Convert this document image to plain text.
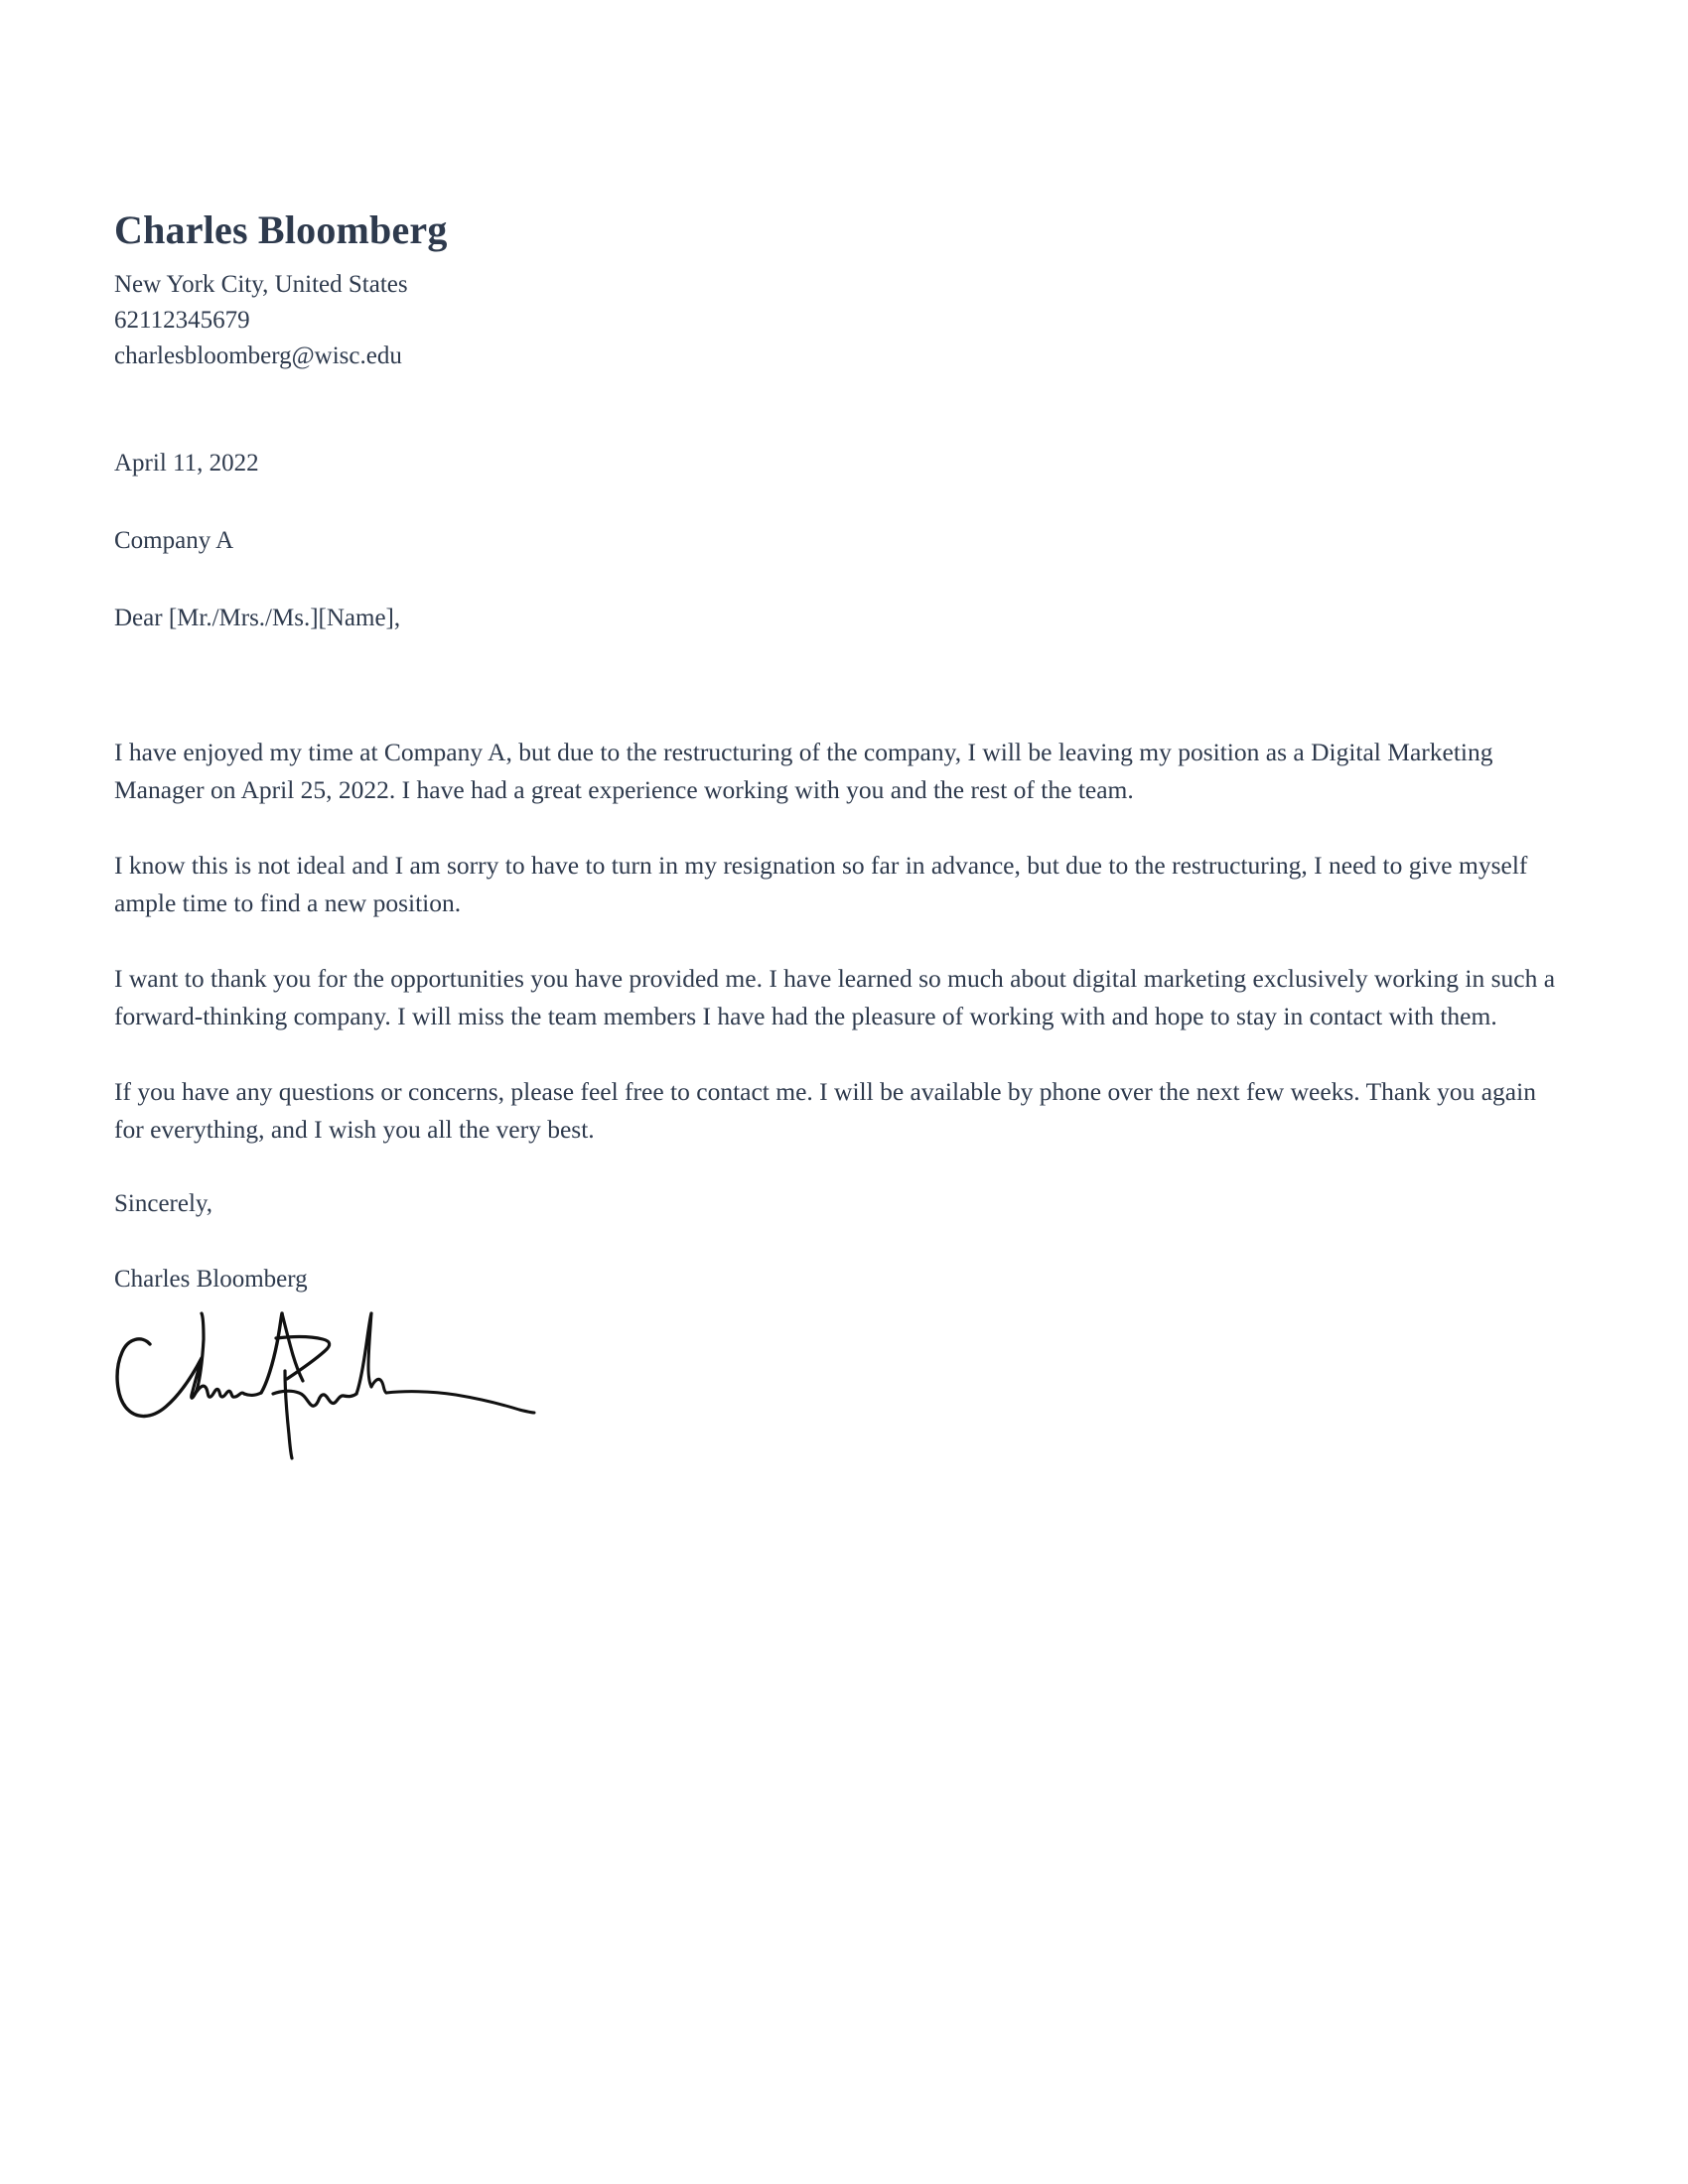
Charles Bloomberg

New York City, United States

62112345679

charlesbloomberg@wisc.edu

April 11, 2022

Company A

Dear [Mr./Mrs./Ms.][Name],

I have enjoyed my time at Company A, but due to the restructuring of the company, I will be leaving my position as a Digital Marketing Manager on April 25, 2022. I have had a great experience working with you and the rest of the team.

I know this is not ideal and I am sorry to have to turn in my resignation so far in advance, but due to the restructuring, I need to give myself ample time to find a new position.

I want to thank you for the opportunities you have provided me. I have learned so much about digital marketing exclusively working in such a forward-thinking company. I will miss the team members I have had the pleasure of working with and hope to stay in contact with them.

If you have any questions or concerns, please feel free to contact me. I will be available by phone over the next few weeks. Thank you again for everything, and I wish you all the very best.

Sincerely,

Charles Bloomberg
